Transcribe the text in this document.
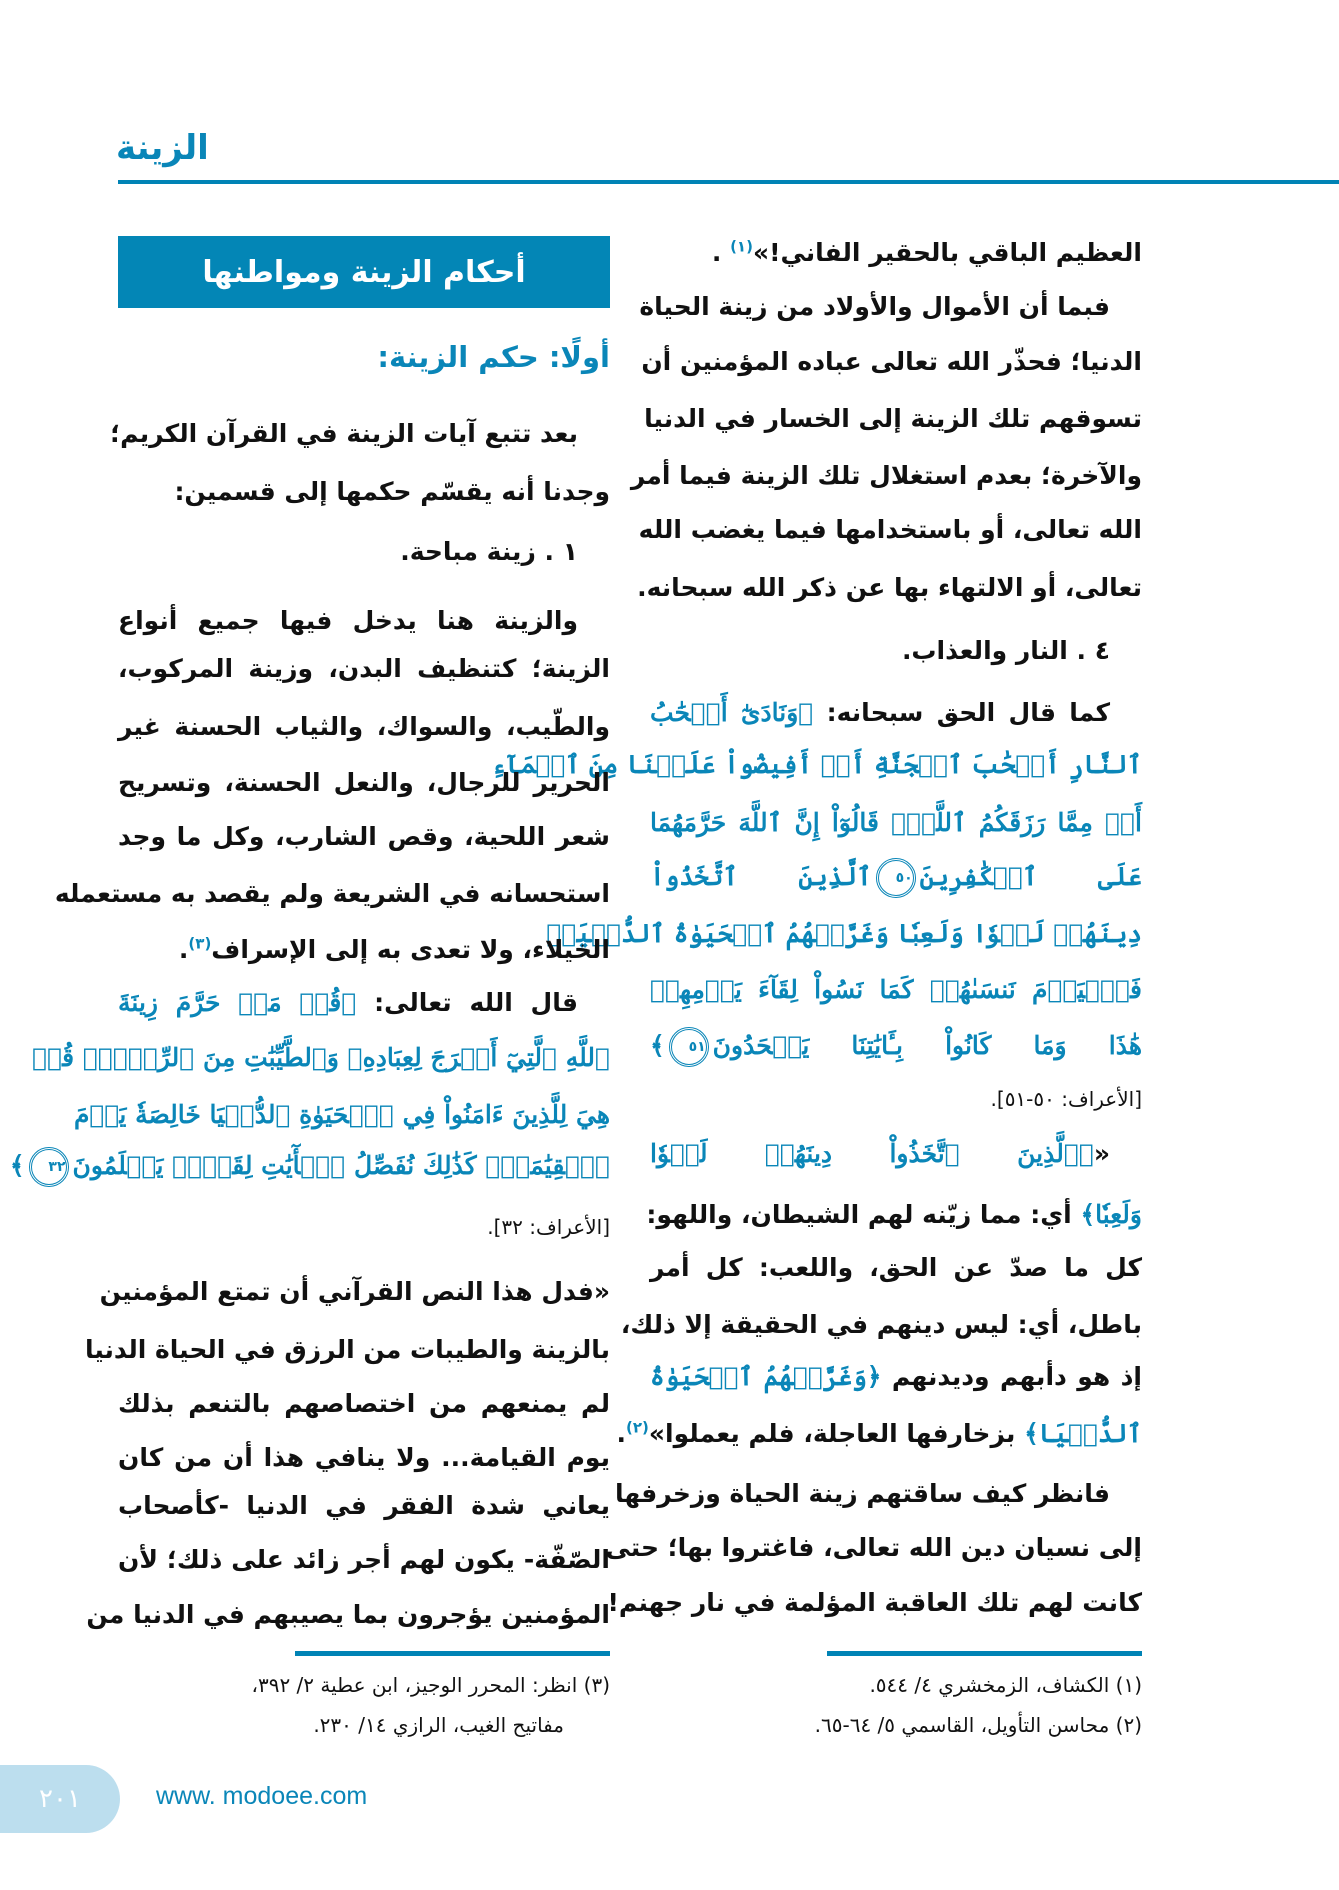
الزينة
أحكام الزينة ومواطنها
أولًا: حكم الزينة:
العظيم الباقي بالحقير الفاني!»$^{(١)}$ .
فبما أن الأموال والأولاد من زينة الحياة
الدنيا؛ فحذّر الله تعالى عباده المؤمنين أن
تسوقهم تلك الزينة إلى الخسار في الدنيا
والآخرة؛ بعدم استغلال تلك الزينة فيما أمر
الله تعالى، أو باستخدامها فيما يغضب الله
تعالى، أو الالتهاء بها عن ذكر الله سبحانه.
٤ . النار والعذاب.
كما قال الحق سبحانه: ﴿وَنَادَىٰٓ أَصۡحَٰبُ
ٱلنَّارِ أَصۡحَٰبَ ٱلۡجَنَّةِ أَنۡ أَفِيضُواْ عَلَيۡنَا مِنَ ٱلۡمَآءِ
أَوۡ مِمَّا رَزَقَكُمُ ٱللَّهُۚ قَالُوٓاْ إِنَّ ٱللَّهَ حَرَّمَهُمَا
عَلَى ٱلۡكَٰفِرِينَ٥٠ٱلَّذِينَ ٱتَّخَذُواْ
دِينَهُمۡ لَهۡوٗا وَلَعِبٗا وَغَرَّتۡهُمُ ٱلۡحَيَوٰةُ ٱلدُّنۡيَاۚ
فَٱلۡيَوۡمَ نَنسَىٰهُمۡ كَمَا نَسُواْ لِقَآءَ يَوۡمِهِمۡ
هَٰذَا وَمَا كَانُواْ بِـَٔايَٰتِنَا يَجۡحَدُونَ٥١﴾
[الأعراف: ٥٠-٥١].
«﴿ٱلَّذِينَ ٱتَّخَذُواْ دِينَهُمۡ لَهۡوٗا
وَلَعِبٗا﴾ أي: مما زيّنه لهم الشيطان، واللهو:
كل ما صدّ عن الحق، واللعب: كل أمر
باطل، أي: ليس دينهم في الحقيقة إلا ذلك،
إذ هو دأبهم وديدنهم ﴿وَغَرَّتۡهُمُ ٱلۡحَيَوٰةُ
ٱلدُّنۡيَا﴾ بزخارفها العاجلة، فلم يعملوا»$^{(٢)}$.
فانظر كيف ساقتهم زينة الحياة وزخرفها
إلى نسيان دين الله تعالى، فاغتروا بها؛ حتى
كانت لهم تلك العاقبة المؤلمة في نار جهنم!
بعد تتبع آيات الزينة في القرآن الكريم؛
وجدنا أنه يقسّم حكمها إلى قسمين:
١ . زينة مباحة.
والزينة هنا يدخل فيها جميع أنواع
الزينة؛ كتنظيف البدن، وزينة المركوب،
والطّيب، والسواك، والثياب الحسنة غير
الحرير للرجال، والنعل الحسنة، وتسريح
شعر اللحية، وقص الشارب، وكل ما وجد
استحسانه في الشريعة ولم يقصد به مستعمله
الخيلاء، ولا تعدى به إلى الإسراف$^{(٣)}$.
قال الله تعالى: ﴿قُلۡ مَنۡ حَرَّمَ زِينَةَ
ٱللَّهِ ٱلَّتِيٓ أَخۡرَجَ لِعِبَادِهِۦ وَٱلطَّيِّبَٰتِ مِنَ ٱلرِّزۡقِۚ قُلۡ
هِيَ لِلَّذِينَ ءَامَنُواْ فِي ٱلۡحَيَوٰةِ ٱلدُّنۡيَا خَالِصَةٗ يَوۡمَ
ٱلۡقِيَٰمَةِۗ كَذَٰلِكَ نُفَصِّلُ ٱلۡأٓيَٰتِ لِقَوۡمٖ يَعۡلَمُونَ٣٢﴾
[الأعراف: ٣٢].
«فدل هذا النص القرآني أن تمتع المؤمنين
بالزينة والطيبات من الرزق في الحياة الدنيا
لم يمنعهم من اختصاصهم بالتنعم بذلك
يوم القيامة... ولا ينافي هذا أن من كان
يعاني شدة الفقر في الدنيا -كأصحاب
الصّفّة- يكون لهم أجر زائد على ذلك؛ لأن
المؤمنين يؤجرون بما يصيبهم في الدنيا من
(١) الكشاف، الزمخشري ٤/ ٥٤٤.
(٢) محاسن التأويل، القاسمي ٥/ ٦٤-٦٥.
(٣) انظر: المحرر الوجيز، ابن عطية ٢/ ٣٩٢،
مفاتيح الغيب، الرازي ١٤/ ٢٣٠.
٢٠١	www. modoee.com
